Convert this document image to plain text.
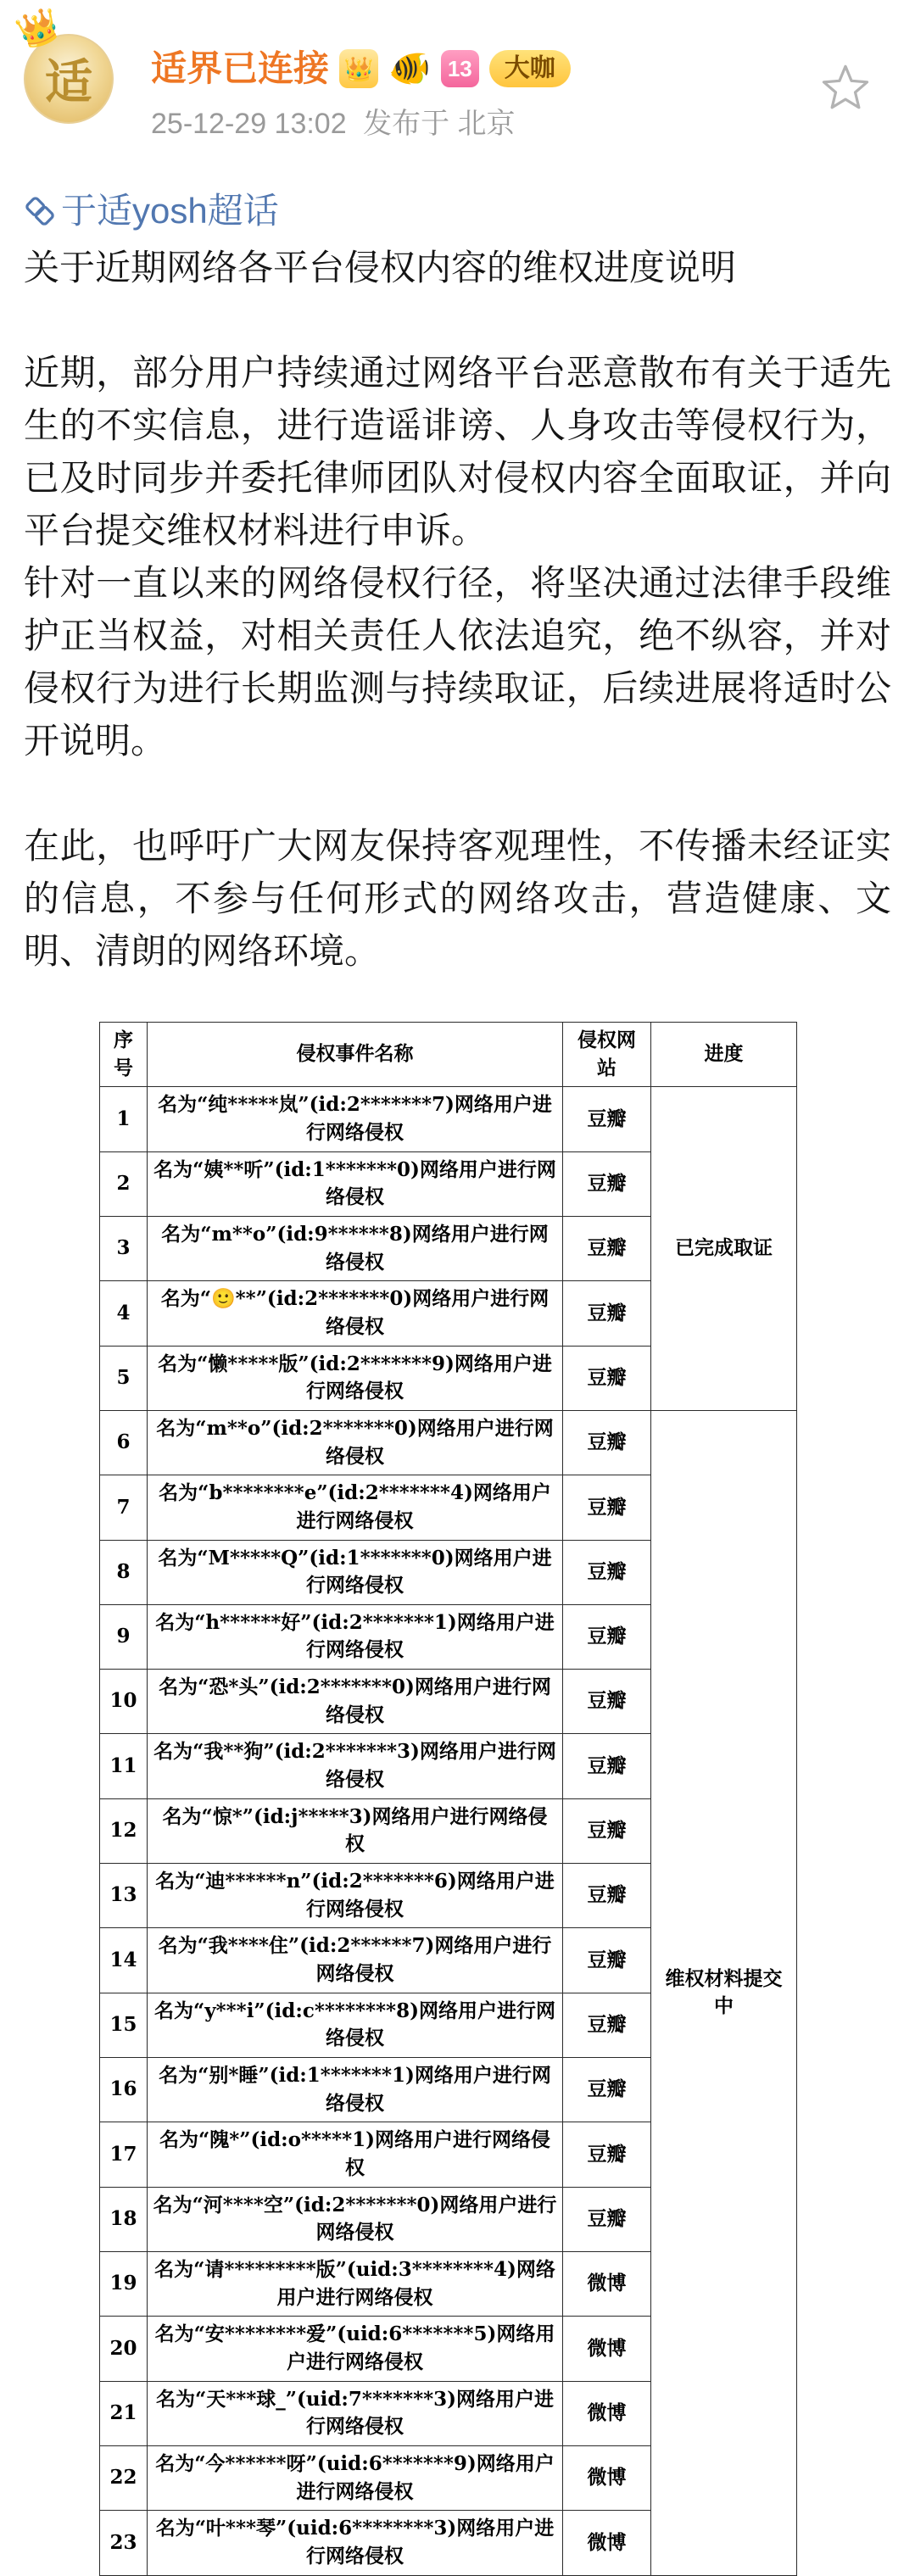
👑
适 适界已连接 👑 🐠 13	大咖
25-12-29 13:02 发布于 北京
于适yosh超话
关于近期网络各平台侵权内容的维权进度说明

近期，部分用户持续通过网络平台恶意散布有关于适先生的不实信息，进行造谣诽谤、人身攻击等侵权行为，已及时同步并委托律师团队对侵权内容全面取证，并向平台提交维权材料进行申诉。

针对一直以来的网络侵权行径，将坚决通过法律手段维护正当权益，对相关责任人依法追究，绝不纵容，并对侵权行为进行长期监测与持续取证，后续进展将适时公开说明。

在此，也呼吁广大网友保持客观理性，不传播未经证实的信息，不参与任何形式的网络攻击，营造健康、文明、清朗的网络环境。

序号	侵权事件名称	侵权网站	进度
1	名为“纯*****岚”(id:2*******7)网络用户进行网络侵权	豆瓣	已完成取证
2	名为“姨**听”(id:1*******0)网络用户进行网络侵权	豆瓣	
3	名为“m**o”(id:9******8)网络用户进行网络侵权	豆瓣	
4	名为“🙂**”(id:2*******0)网络用户进行网络侵权	豆瓣	
5	名为“懒*****版”(id:2*******9)网络用户进行网络侵权	豆瓣	
6	名为“m**o”(id:2*******0)网络用户进行网络侵权	豆瓣	维权材料提交中
7	名为“b********e”(id:2*******4)网络用户进行网络侵权	豆瓣	
8	名为“M*****Q”(id:1*******0)网络用户进行网络侵权	豆瓣	
9	名为“h******好”(id:2*******1)网络用户进行网络侵权	豆瓣	
10	名为“恐*头”(id:2*******0)网络用户进行网络侵权	豆瓣	
11	名为“我**狗”(id:2*******3)网络用户进行网络侵权	豆瓣	
12	名为“惊*”(id:j*****3)网络用户进行网络侵权	豆瓣	
13	名为“迪******n”(id:2*******6)网络用户进行网络侵权	豆瓣	
14	名为“我****住”(id:2******7)网络用户进行网络侵权	豆瓣	
15	名为“y***i”(id:c********8)网络用户进行网络侵权	豆瓣	
16	名为“别*睡”(id:1*******1)网络用户进行网络侵权	豆瓣	
17	名为“隗*”(id:o*****1)网络用户进行网络侵权	豆瓣	
18	名为“河****空”(id:2*******0)网络用户进行网络侵权	豆瓣	
19	名为“请*********版”(uid:3********4)网络用户进行网络侵权	微博	
20	名为“安********爱”(uid:6*******5)网络用户进行网络侵权	微博	
21	名为“天***球_”(uid:7*******3)网络用户进行网络侵权	微博	
22	名为“今******呀”(uid:6*******9)网络用户进行网络侵权	微博	
23	名为“叶***琴”(uid:6********3)网络用户进行网络侵权	微博	
